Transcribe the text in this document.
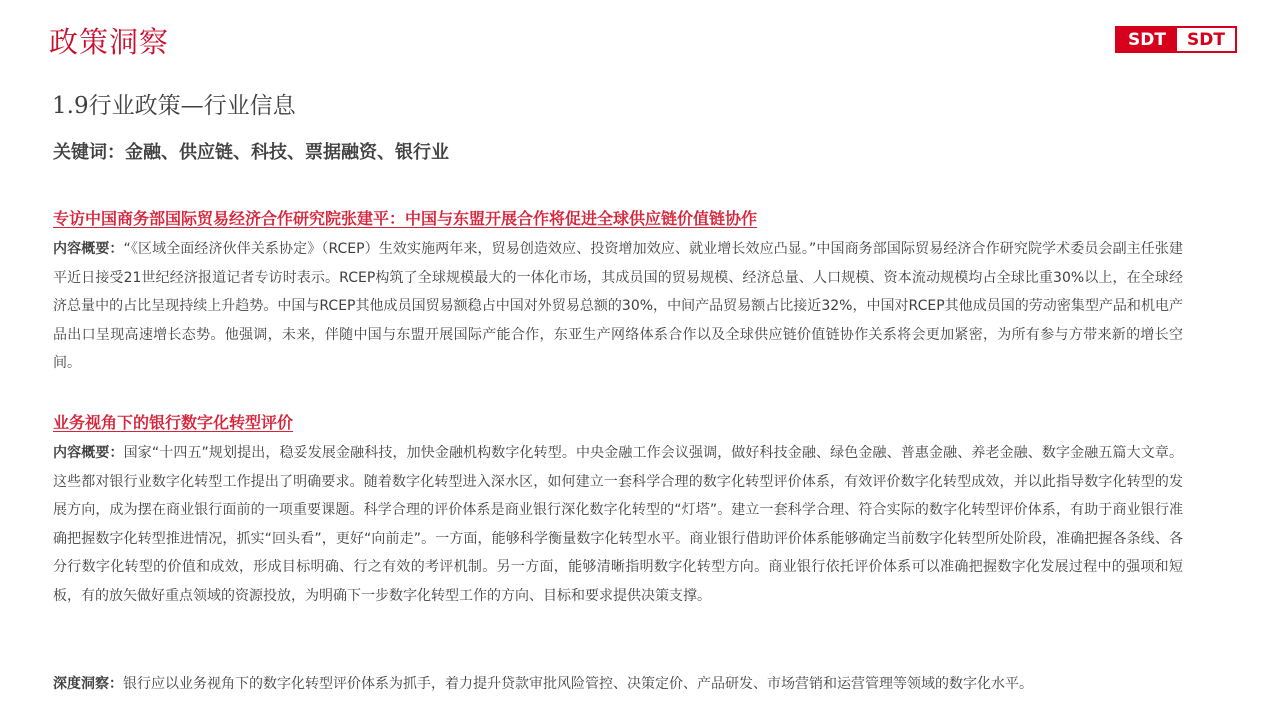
政策洞察	SDT	SDT
1.9行业政策—行业信息
关键词：金融、供应链、科技、票据融资、银行业
专访中国商务部国际贸易经济合作研究院张建平：中国与东盟开展合作将促进全球供应链价值链协作
内容概要：“《区域全面经济伙伴关系协定》（RCEP）生效实施两年来，贸易创造效应、投资增加效应、就业增长效应凸显。”中国商务部国际贸易经济合作研究院学术委员会副主任张建平近日接受21世纪经济报道记者专访时表示。RCEP构筑了全球规模最大的一体化市场，其成员国的贸易规模、经济总量、人口规模、资本流动规模均占全球比重30%以上，在全球经济总量中的占比呈现持续上升趋势。中国与RCEP其他成员国贸易额稳占中国对外贸易总额的30%，中间产品贸易额占比接近32%，中国对RCEP其他成员国的劳动密集型产品和机电产品出口呈现高速增长态势。他强调，未来，伴随中国与东盟开展国际产能合作，东亚生产网络体系合作以及全球供应链价值链协作关系将会更加紧密，为所有参与方带来新的增长空间。
业务视角下的银行数字化转型评价
内容概要：国家“十四五”规划提出，稳妥发展金融科技，加快金融机构数字化转型。中央金融工作会议强调，做好科技金融、绿色金融、普惠金融、养老金融、数字金融五篇大文章。这些都对银行业数字化转型工作提出了明确要求。随着数字化转型进入深水区，如何建立一套科学合理的数字化转型评价体系，有效评价数字化转型成效，并以此指导数字化转型的发展方向，成为摆在商业银行面前的一项重要课题。科学合理的评价体系是商业银行深化数字化转型的“灯塔”。建立一套科学合理、符合实际的数字化转型评价体系，有助于商业银行准确把握数字化转型推进情况，抓实“回头看”，更好“向前走”。一方面，能够科学衡量数字化转型水平。商业银行借助评价体系能够确定当前数字化转型所处阶段，准确把握各条线、各分行数字化转型的价值和成效，形成目标明确、行之有效的考评机制。另一方面，能够清晰指明数字化转型方向。商业银行依托评价体系可以准确把握数字化发展过程中的强项和短板，有的放矢做好重点领域的资源投放，为明确下一步数字化转型工作的方向、目标和要求提供决策支撑。
深度洞察：银行应以业务视角下的数字化转型评价体系为抓手，着力提升贷款审批风险管控、决策定价、产品研发、市场营销和运营管理等领域的数字化水平。
